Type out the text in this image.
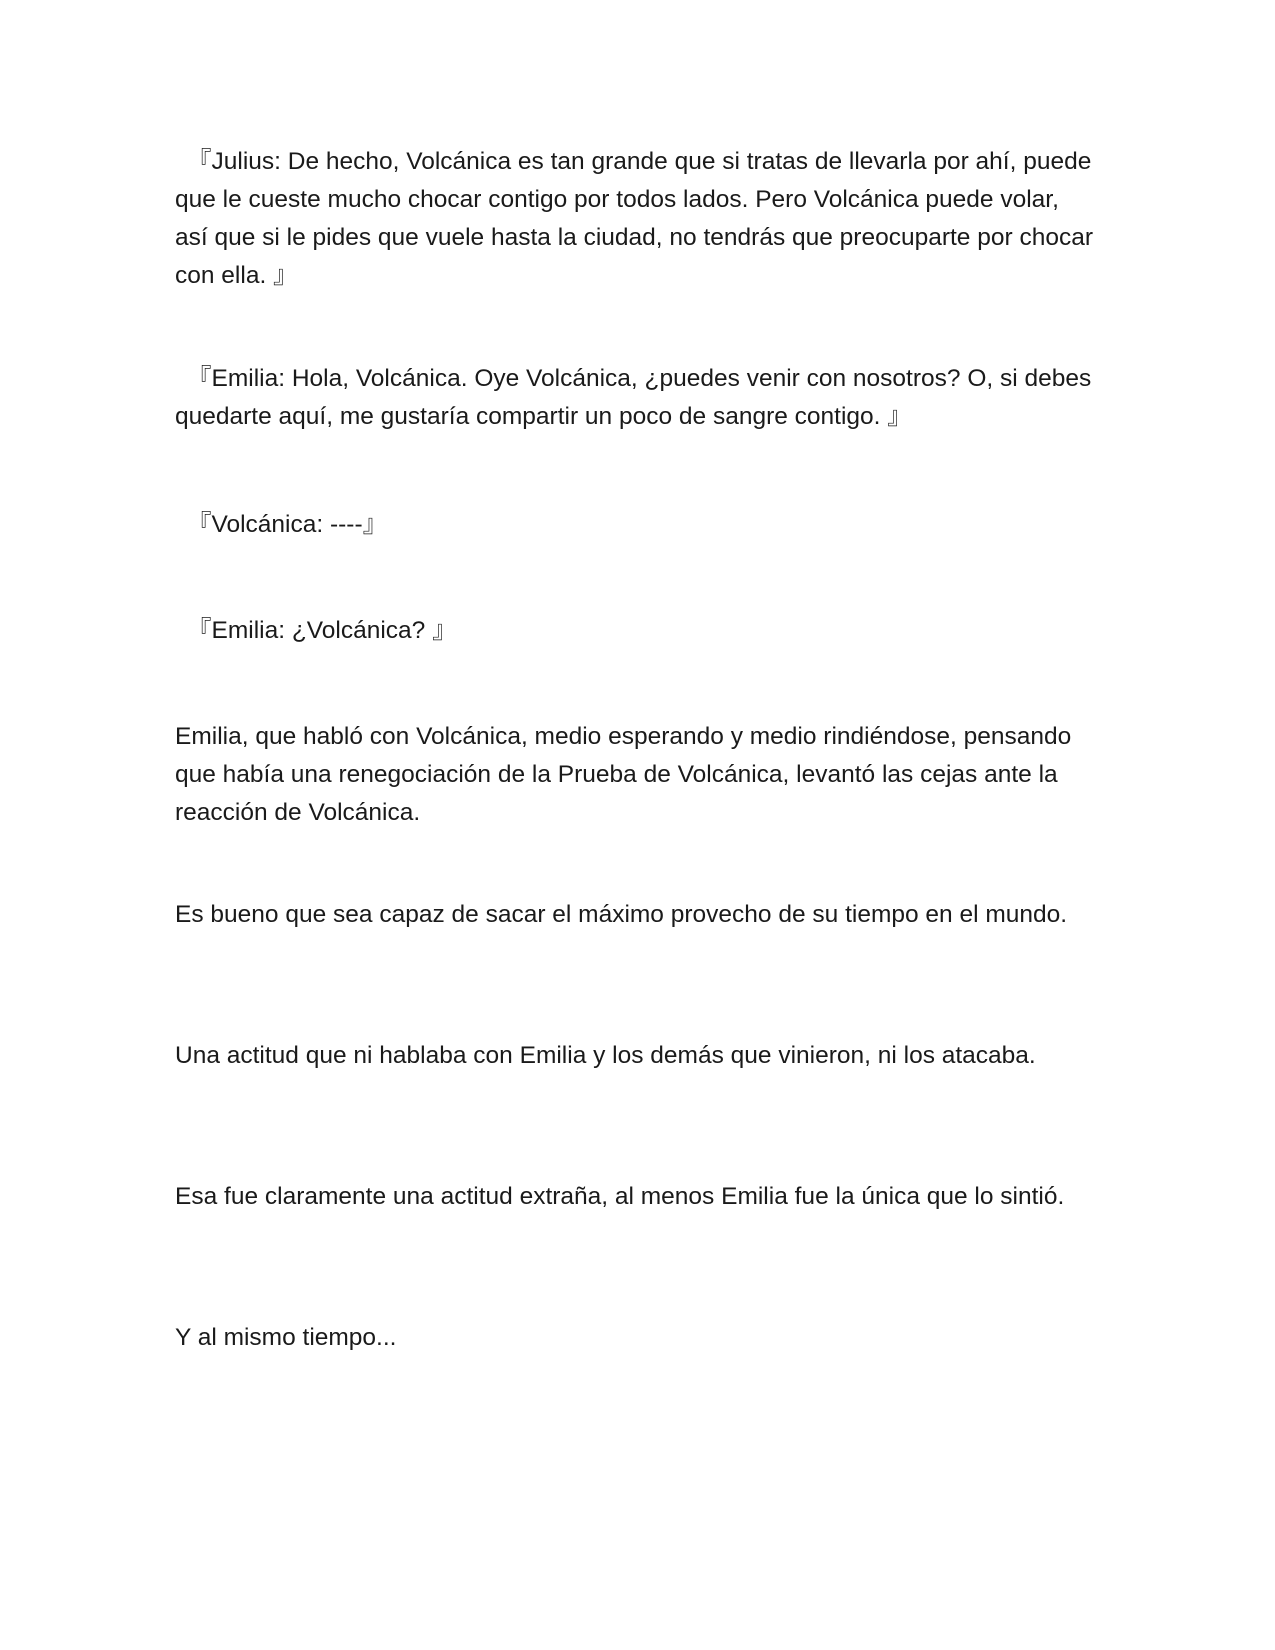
『Julius: De hecho, Volcánica es tan grande que si tratas de llevarla por ahí, puede que le cueste mucho chocar contigo por todos lados. Pero Volcánica puede volar, así que si le pides que vuele hasta la ciudad, no tendrás que preocuparte por chocar con ella. 』

『Emilia: Hola, Volcánica. Oye Volcánica, ¿puedes venir con nosotros? O, si debes quedarte aquí, me gustaría compartir un poco de sangre contigo. 』

『Volcánica: ----』

『Emilia: ¿Volcánica? 』

Emilia, que habló con Volcánica, medio esperando y medio rindiéndose, pensando que había una renegociación de la Prueba de Volcánica, levantó las cejas ante la reacción de Volcánica.

Es bueno que sea capaz de sacar el máximo provecho de su tiempo en el mundo.

Una actitud que ni hablaba con Emilia y los demás que vinieron, ni los atacaba.

Esa fue claramente una actitud extraña, al menos Emilia fue la única que lo sintió.

Y al mismo tiempo...
